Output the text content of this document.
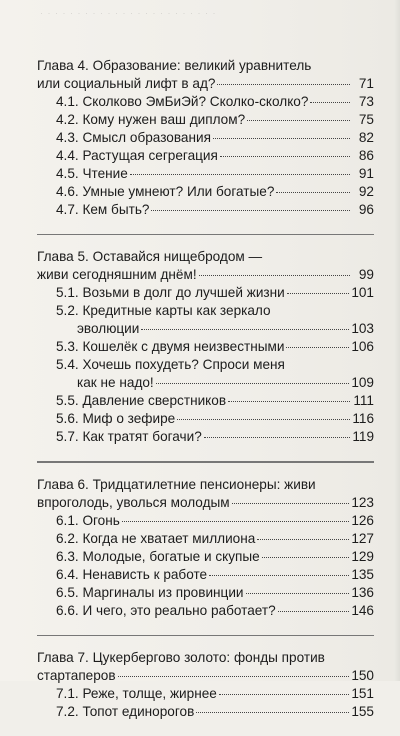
· · · · · · · · · · · · · · · · · · · · · · · ·
Глава 4. Образование: великий уравнитель
или социальный лифт в ад?	71
4.1. Сколково ЭмБиЭй? Сколко-сколко?	73
4.2. Кому нужен ваш диплом?	75
4.3. Смысл образования	82
4.4. Растущая сегрегация	86
4.5. Чтение	91
4.6. Умные умнеют? Или богатые?	92
4.7. Кем быть?	96
Глава 5. Оставайся нищебродом —
живи сегодняшним днём!	99
5.1. Возьми в долг до лучшей жизни	101
5.2. Кредитные карты как зеркало
эволюции	103
5.3. Кошелёк с двумя неизвестными	106
5.4. Хочешь похудеть? Спроси меня
как не надо!	109
5.5. Давление сверстников	111
5.6. Миф о зефире	116
5.7. Как тратят богачи?	119
Глава 6. Тридцатилетние пенсионеры: живи
впроголодь, уволься молодым	123
6.1. Огонь	126
6.2. Когда не хватает миллиона	127
6.3. Молодые, богатые и скупые	129
6.4. Ненависть к работе	135
6.5. Маргиналы из провинции	136
6.6. И чего, это реально работает?	146
Глава 7. Цукербергово золото: фонды против
стартаперов	150
7.1. Реже, толще, жирнее	151
7.2. Топот единорогов	155
